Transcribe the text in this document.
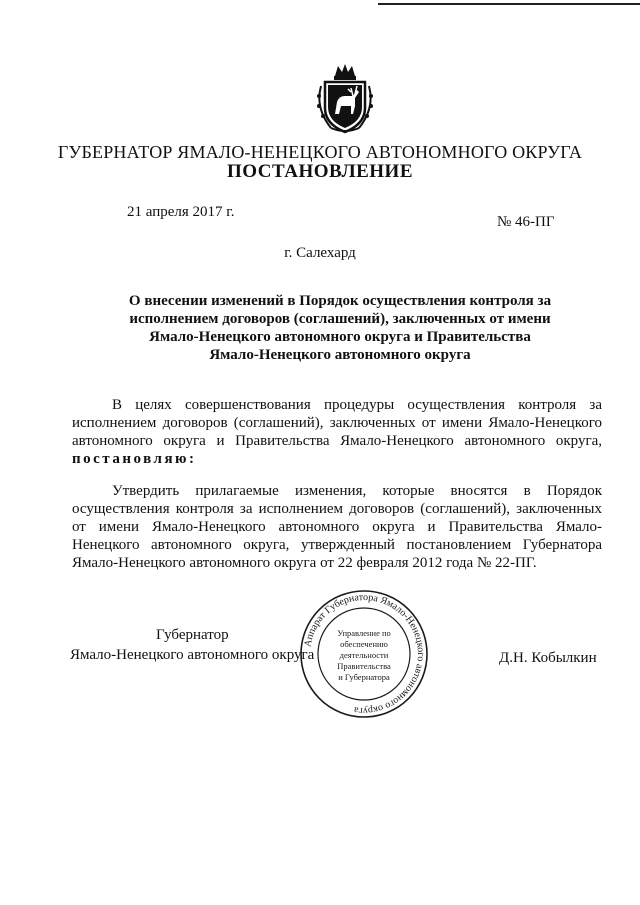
ГУБЕРНАТОР ЯМАЛО-НЕНЕЦКОГО АВТОНОМНОГО ОКРУГА
ПОСТАНОВЛЕНИЕ
21 апреля 2017 г.
№ 46-ПГ
г. Салехард
О внесении изменений в Порядок осуществления контроля за
исполнением договоров (соглашений), заключенных от имени
Ямало-Ненецкого автономного округа и Правительства
Ямало-Ненецкого автономного округа
В целях совершенствования процедуры осуществления контроля за
исполнением договоров (соглашений), заключенных от имени Ямало-Ненецкого
автономного округа и Правительства Ямало-Ненецкого автономного округа,
постановляю:
Утвердить прилагаемые изменения, которые вносятся в Порядок
осуществления контроля за исполнением договоров (соглашений), заключенных
от имени Ямало-Ненецкого автономного округа и Правительства Ямало-
Ненецкого автономного округа, утвержденный постановлением Губернатора
Ямало-Ненецкого автономного округа от 22 февраля 2012 года № 22-ПГ.
Губернатор
Ямало-Ненецкого автономного округа	Д.Н. Кобылкин
Аппарат Губернатора Ямало-Ненецкого автономного округа
Управление по
обеспечению
деятельности
Правительства
и Губернатора
